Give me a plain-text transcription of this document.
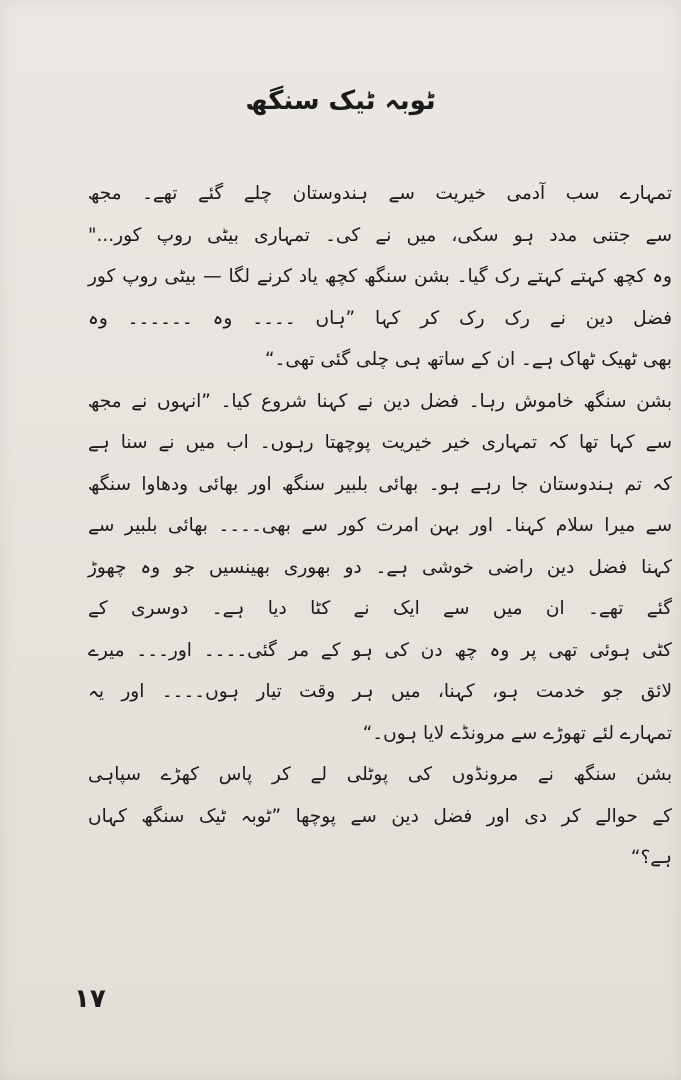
ٹوبہ ٹیک سنگھ
تمہارے سب آدمی خیریت سے ہندوستان چلے گئے تھے۔ مجھ
سے جتنی مدد ہو سکی، میں نے کی۔ تمہاری بیٹی روپ کور..."
وہ کچھ کہتے کہتے رک گیا۔ بشن سنگھ کچھ یاد کرنے لگا — بیٹی روپ کور
فضل دین نے رک رک کر کہا ”ہاں ۔۔۔۔ وہ ۔۔۔۔۔۔ وہ
بھی ٹھیک ٹھاک ہے۔ ان کے ساتھ ہی چلی گئی تھی۔“
بشن سنگھ خاموش رہا۔ فضل دین نے کہنا شروع کیا۔ ”انہوں نے مجھ
سے کہا تھا کہ تمہاری خیر خیریت پوچھتا رہوں۔ اب میں نے سنا ہے
کہ تم ہندوستان جا رہے ہو۔ بھائی بلبیر سنگھ اور بھائی ودھاوا سنگھ
سے میرا سلام کہنا۔ اور بہن امرت کور سے بھی۔۔۔۔ بھائی بلبیر سے
کہنا فضل دین راضی خوشی ہے۔ دو بھوری بھینسیں جو وہ چھوڑ
گئے تھے۔ ان میں سے ایک نے کٹا دیا ہے۔ دوسری کے
کٹی ہوئی تھی پر وہ چھ دن کی ہو کے مر گئی۔۔۔۔ اور۔۔۔ میرے
لائق جو خدمت ہو، کہنا، میں ہر وقت تیار ہوں۔۔۔۔ اور یہ
تمہارے لئے تھوڑے سے مرونڈے لایا ہوں۔“
بشن سنگھ نے مرونڈوں کی پوٹلی لے کر پاس کھڑے سپاہی
کے حوالے کر دی اور فضل دین سے پوچھا ”ٹوبہ ٹیک سنگھ کہاں
ہے؟“
۱۷
